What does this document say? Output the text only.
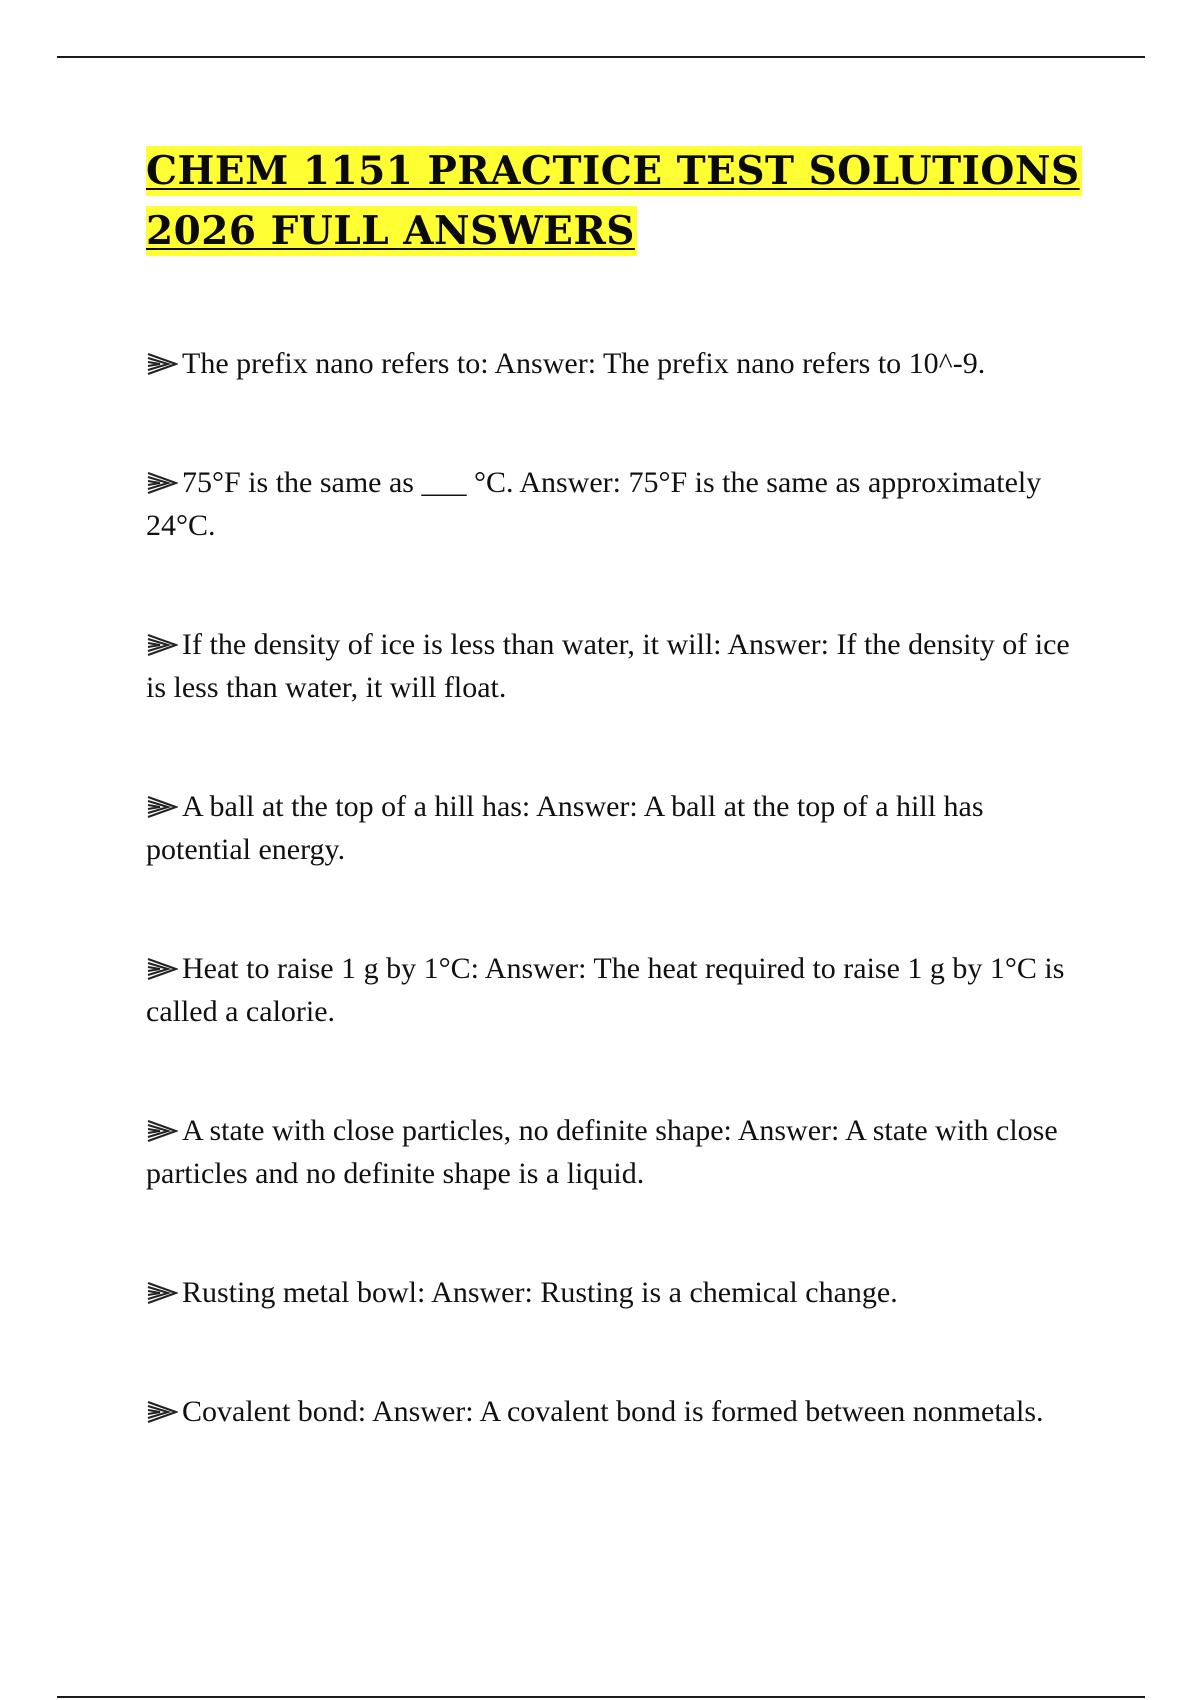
CHEM 1151 PRACTICE TEST SOLUTIONS
2026 FULL ANSWERS

The prefix nano refers to: Answer: The prefix nano refers to 10^-9.

75°F is the same as ___ °C. Answer: 75°F is the same as approximately 24°C.

If the density of ice is less than water, it will: Answer: If the density of ice is less than water, it will float.

A ball at the top of a hill has: Answer: A ball at the top of a hill has potential energy.

Heat to raise 1 g by 1°C: Answer: The heat required to raise 1 g by 1°C is called a calorie.

A state with close particles, no definite shape: Answer: A state with close particles and no definite shape is a liquid.

Rusting metal bowl: Answer: Rusting is a chemical change.

Covalent bond: Answer: A covalent bond is formed between nonmetals.
